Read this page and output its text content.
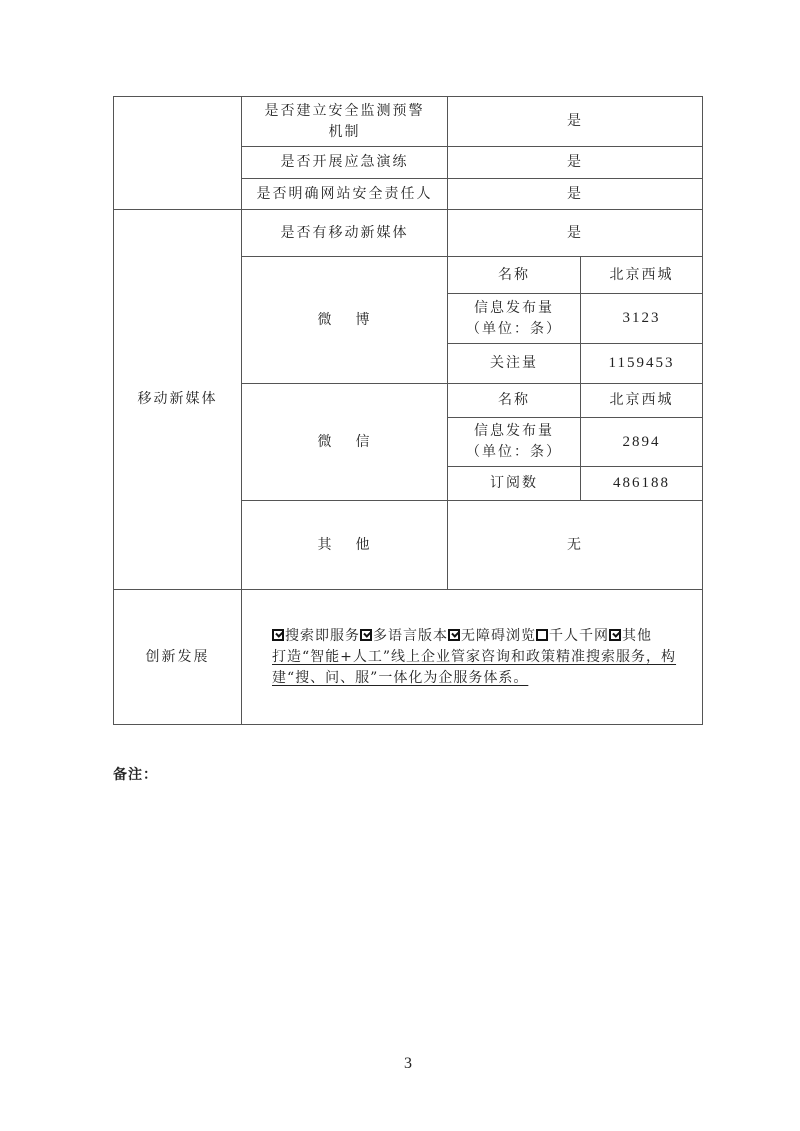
	是否建立安全监测预警机制	是	
	是否开展应急演练	是	
	是否明确网站安全责任人	是	
移动新媒体	是否有移动新媒体	是	
	微 博	名称	北京西城

		信息发布量
（单位：条）	3123
		关注量	1159453
	微 信	名称	北京西城

		信息发布量
（单位：条）	2894
		订阅数	486188
	其 他	无	
创新发展	搜索即服务 多语言版本 无障碍浏览 千人千网 其他
打造“智能+人工”线上企业管家咨询和政策精准搜索服务，构建“搜、问、服”一体化为企服务体系。		
备注：
3
